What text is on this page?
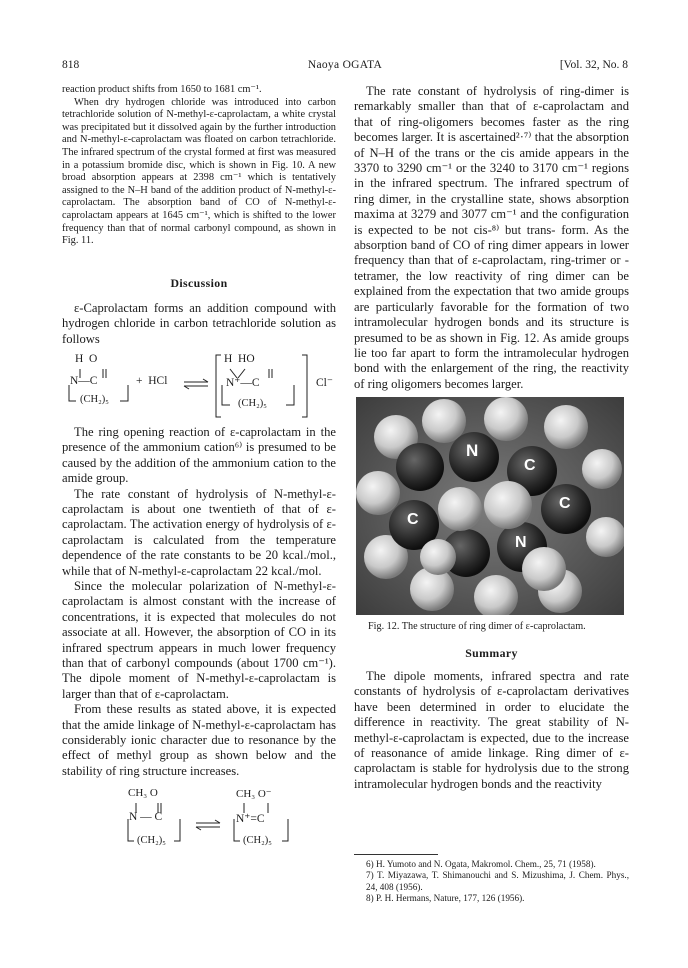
818	Naoya OGATA	[Vol. 32, No. 8

reaction product shifts from 1650 to 1681 cm⁻¹.

When dry hydrogen chloride was introduced into carbon tetrachloride solution of N-methyl-ε-caprolactam, a white crystal was precipitated but it dissolved again by the further introduction and N-methyl-ε-caprolactam was floated on carbon tetrachloride. The infrared spectrum of the crystal formed at first was measured in a potassium bromide disc, which is shown in Fig. 10. A new broad absorption appears at 2398 cm⁻¹ which is tentatively assigned to the N–H band of the addition product of N-methyl-ε-caprolactam. The absorption band of CO of N-methyl-ε-caprolactam appears at 1645 cm⁻¹, which is shifted to the lower frequency than that of normal carbonyl compound, as shown in Fig. 11.

Discussion

ε-Caprolactam forms an addition compound with hydrogen chloride in carbon tetrachloride solution as follows

H  O
N—C
(CH₂)₅
+  HCl
H  HO
N⁺—C
(CH₂)₅
Cl⁻

The ring opening reaction of ε-caprolactam in the presence of the ammonium cation⁶⁾ is presumed to be caused by the addition of the ammonium cation to the amide group.

The rate constant of hydrolysis of N-methyl-ε-caprolactam is about one twentieth of that of ε-caprolactam. The activation energy of hydrolysis of ε-caprolactam is calculated from the temperature dependence of the rate constants to be 20 kcal./mol., while that of N-methyl-ε-caprolactam 22 kcal./mol.

Since the molecular polarization of N-methyl-ε-caprolactam is almost constant with the increase of concentrations, it is expected that molecules do not associate at all. However, the absorption of CO in its infrared spectrum appears in much lower frequency than that of carbonyl compounds (about 1700 cm⁻¹). The dipole moment of N-methyl-ε-caprolactam is larger than that of ε-caprolactam.

From these results as stated above, it is expected that the amide linkage of N-methyl-ε-caprolactam has considerably ionic character due to resonance by the effect of methyl group as shown below and the stability of ring structure increases.

CH₃ O
N — C
(CH₂)₅
CH₃ O⁻
N⁺=C
(CH₂)₅

The rate constant of hydrolysis of ring-dimer is remarkably smaller than that of ε-caprolactam and that of ring-oligomers becomes faster as the ring becomes larger. It is ascertained²·⁷⁾ that the absorption of N–H of the trans or the cis amide appears in the 3370 to 3290 cm⁻¹ or the 3240 to 3170 cm⁻¹ regions in the infrared spectrum. The infrared spectrum of ring dimer, in the crystalline state, shows absorption maxima at 3279 and 3077 cm⁻¹ and the configuration is expected to be not cis-⁸⁾ but trans- form. As the absorption band of CO of ring dimer appears in lower frequency than that of ε-caprolactam, ring-trimer or -tetramer, the low reactivity of ring dimer can be explained from the expectation that two amide groups are particularly favorable for the formation of two intramolecular hydrogen bonds and its structure is presumed to be as shown in Fig. 12. As amide groups lie too far apart to form the intramolecular hydrogen bond with the enlargement of the ring, the reactivity of ring oligomers becomes larger.

N
C
C
N
C

Fig. 12. The structure of ring dimer of ε-caprolactam.

Summary

The dipole moments, infrared spectra and rate constants of hydrolysis of ε-caprolactam derivatives have been determined in order to elucidate the difference in reactivity. The great stability of N-methyl-ε-caprolactam is expected, due to the increase of reasonance of amide linkage. Ring dimer of ε-caprolactam is stable for hydrolysis due to the strong intramolecular hydrogen bonds and the reactivity

6) H. Yumoto and N. Ogata, Makromol. Chem., 25, 71 (1958).

7) T. Miyazawa, T. Shimanouchi and S. Mizushima, J. Chem. Phys., 24, 408 (1956).

8) P. H. Hermans, Nature, 177, 126 (1956).
